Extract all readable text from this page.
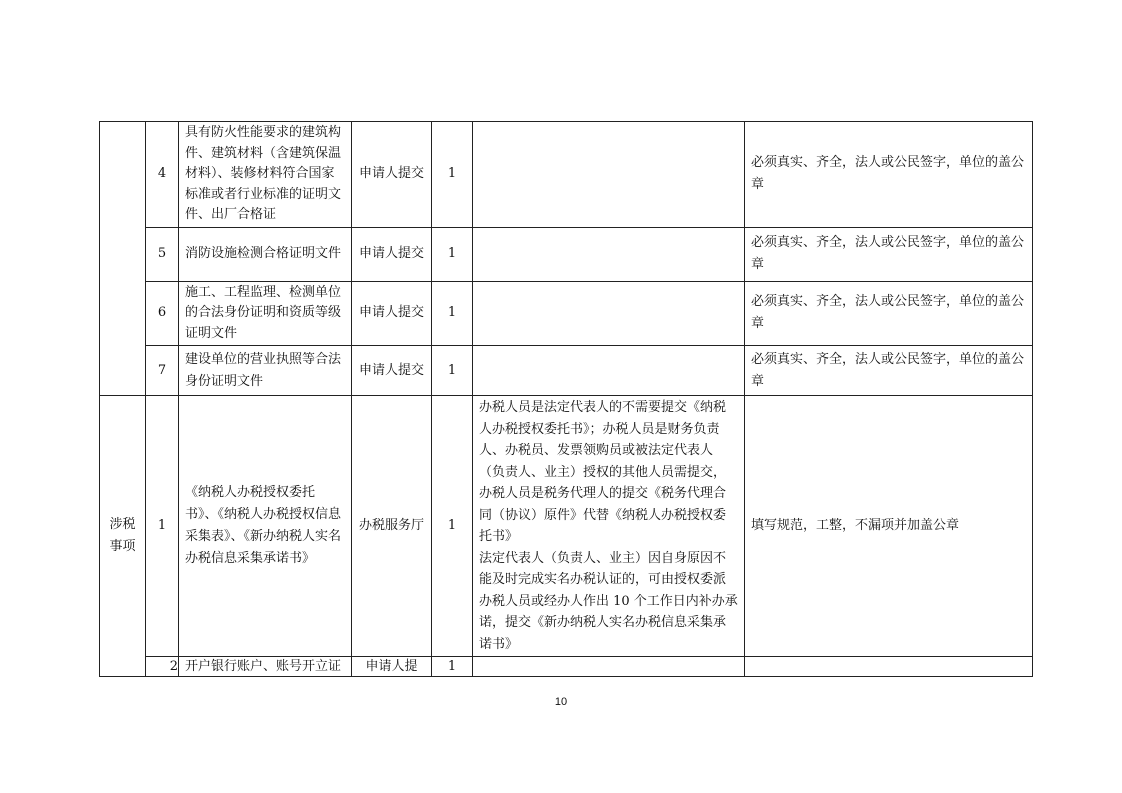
	4	具有防火性能要求的建筑构件、建筑材料（含建筑保温材料）、装修材料符合国家标准或者行业标准的证明文件、出厂合格证	申请人提交	1		必须真实、齐全，法人或公民签字，单位的盖公章

	5	消防设施检测合格证明文件	申请人提交	1		必须真实、齐全，法人或公民签字，单位的盖公章

	6	施工、工程监理、检测单位的合法身份证明和资质等级证明文件	申请人提交	1		必须真实、齐全，法人或公民签字，单位的盖公章

	7	建设单位的营业执照等合法身份证明文件	申请人提交	1		必须真实、齐全，法人或公民签字，单位的盖公章

涉税事项	1	《纳税人办税授权委托书》、《纳税人办税授权信息采集表》、《新办纳税人实名办税信息采集承诺书》	办税服务厅	1	办税人员是法定代表人的不需要提交《纳税人办税授权委托书》；办税人员是财务负责人、办税员、发票领购员或被法定代表人（负责人、业主）授权的其他人员需提交，办税人员是税务代理人的提交《税务代理合同（协议）原件》代替《纳税人办税授权委托书》
法定代表人（负责人、业主）因自身原因不能及时完成实名办税认证的，可由授权委派办税人员或经办人作出 10 个工作日内补办承诺，提交《新办纳税人实名办税信息采集承诺书》	填写规范，工整，不漏项并加盖公章

	2	开户银行账户、账号开立证	申请人提	1		

10
